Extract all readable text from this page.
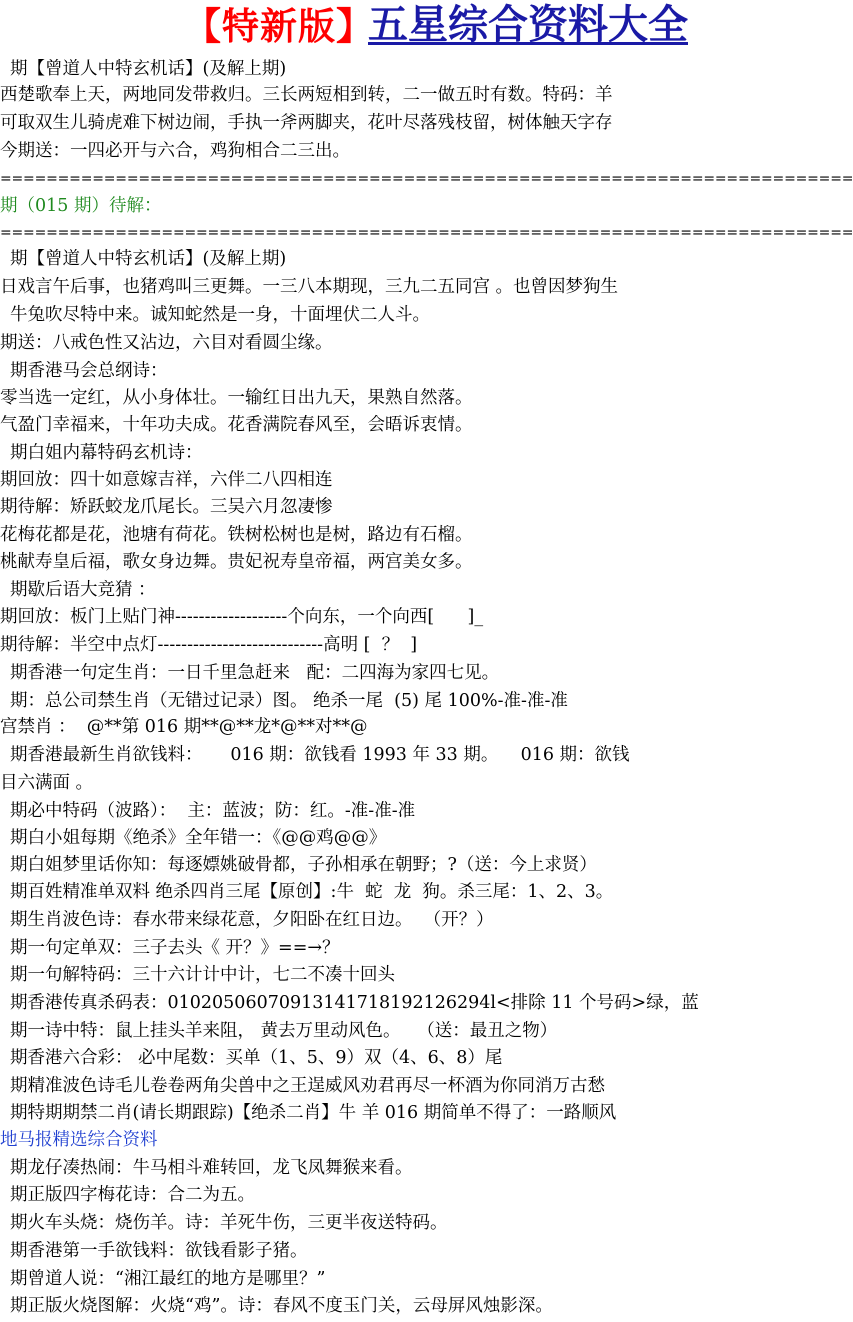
【特新版】
五星综合资料大全
期【曾道人中特玄机话】(及解上期)
西楚歌奉上天，两地同发带救归。三长两短相到转，二一做五时有数。特码：羊
可取双生儿骑虎难下树边闹，手执一斧两脚夹，花叶尽落残枝留，树体触天字存
今期送：一四必开与六合，鸡狗相合二三出。
==========================================================================
期（015 期）待解：
==========================================================================
期【曾道人中特玄机话】(及解上期)
日戏言午后事，也猪鸡叫三更舞。一三八本期现，三九二五同宫 。也曾因梦狗生
牛兔吹尽特中来。诚知蛇然是一身，十面埋伏二人斗。
期送：八戒色性又沾边，六目对看圆尘缘。
期香港马会总纲诗：
零当选一定红，从小身体壮。一输红日出九天，果熟自然落。
气盈门幸福来，十年功夫成。花香满院春风至，会晤诉衷情。
期白姐内幕特码玄机诗：
期回放：四十如意嫁吉祥，六伴二八四相连
期待解：矫跃蛟龙爪尾长。三吴六月忽凄惨
花梅花都是花，池塘有荷花。铁树松树也是树，路边有石榴。
桃献寿皇后福，歌女身边舞。贵妃祝寿皇帝福，两宫美女多。
期歇后语大竞猜 ：
期回放：板门上贴门神-------------------个向东，一个向西[      ]_
期待解：半空中点灯----------------------------高明 [  ？  ]
期香港一句定生肖：一日千里急赶来   配：二四海为家四七见。
期：总公司禁生肖（无错过记录）图。 绝杀一尾  (5) 尾 100%-准-准-准
宫禁肖 ：  @**第 016 期**@**龙*@**对**@
期香港最新生肖欲钱料：     016 期：欲钱看 1993 年 33 期。    016 期：欲钱
目六满面 。
期必中特码（波路）：  主：蓝波；防：红。-准-准-准
期白小姐每期《绝杀》全年错一：《@@鸡@@》
期白姐梦里话你知：每逐嫖姚破骨都，子孙相承在朝野；?（送：今上求贤）
期百姓精准单双料 绝杀四肖三尾【原创】:牛  蛇  龙  狗。杀三尾：1、2、3。
期生肖波色诗：春水带来绿花意，夕阳卧在红日边。  （开？）
期一句定单双：三子去头《 开？》==→？
期一句解特码：三十六计计中计，七二不凑十回头
期香港传真杀码表：01020506070913141718192126294l<排除 11 个号码>绿，蓝
期一诗中特：鼠上挂头羊来阻， 黄去万里动风色。   （送：最丑之物）
期香港六合彩： 必中尾数：买单（1、5、9）双（4、6、8）尾
期精准波色诗毛儿卷卷两角尖兽中之王逞威风劝君再尽一杯酒为你同消万古愁
期特期期禁二肖(请长期跟踪)【绝杀二肖】牛 羊 016 期简单不得了：一路顺风
地马报精选综合资料
期龙仔凑热闹：牛马相斗难转回，龙飞凤舞猴来看。
期正版四字梅花诗：合二为五。
期火车头烧：烧伤羊。诗：羊死牛伤，三更半夜送特码。
期香港第一手欲钱料：欲钱看影子猪。
期曾道人说：“湘江最红的地方是哪里？”
期正版火烧图解：火烧“鸡”。诗：春风不度玉门关，云母屏风烛影深。
